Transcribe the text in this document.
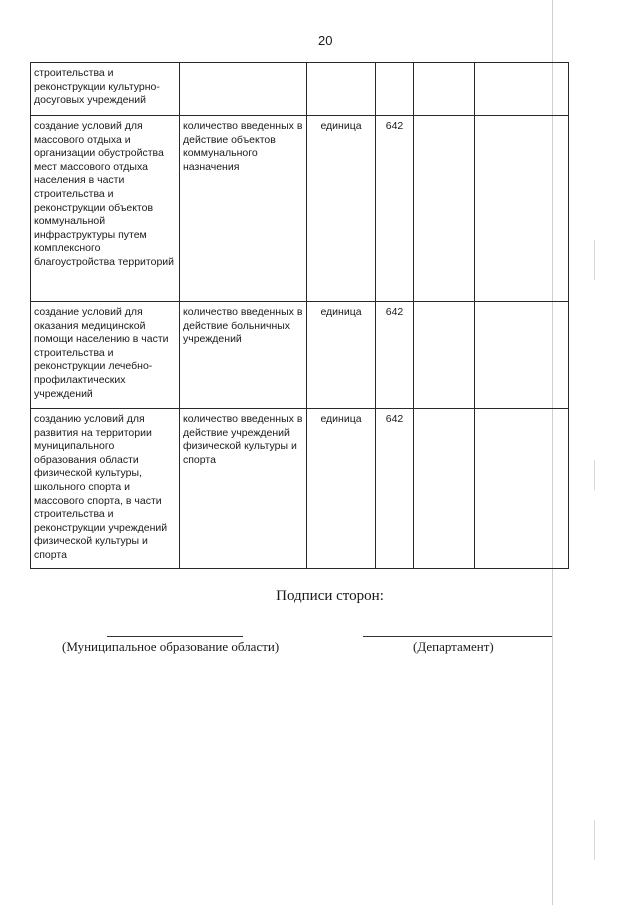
20
строительства и реконструкции культурно-досуговых учреждений					
создание условий для массового отдыха и организации обустройства мест массового отдыха населения в части строительства и реконструкции объектов коммунальной инфраструктуры путем комплексного благоустройства территорий	количество введенных в действие объектов коммунального назначения	единица	642		
создание условий для оказания медицинской помощи населению в части строительства и реконструкции лечебно-профилактических учреждений	количество введенных в действие больничных учреждений	единица	642		
созданию условий для развития на территории муниципального образования области физической культуры, школьного спорта и массового спорта, в части строительства и реконструкции учреждений физической культуры и спорта	количество введенных в действие учреждений физической культуры и спорта	единица	642		
Подписи сторон:
(Муниципальное образование области)	(Департамент)
